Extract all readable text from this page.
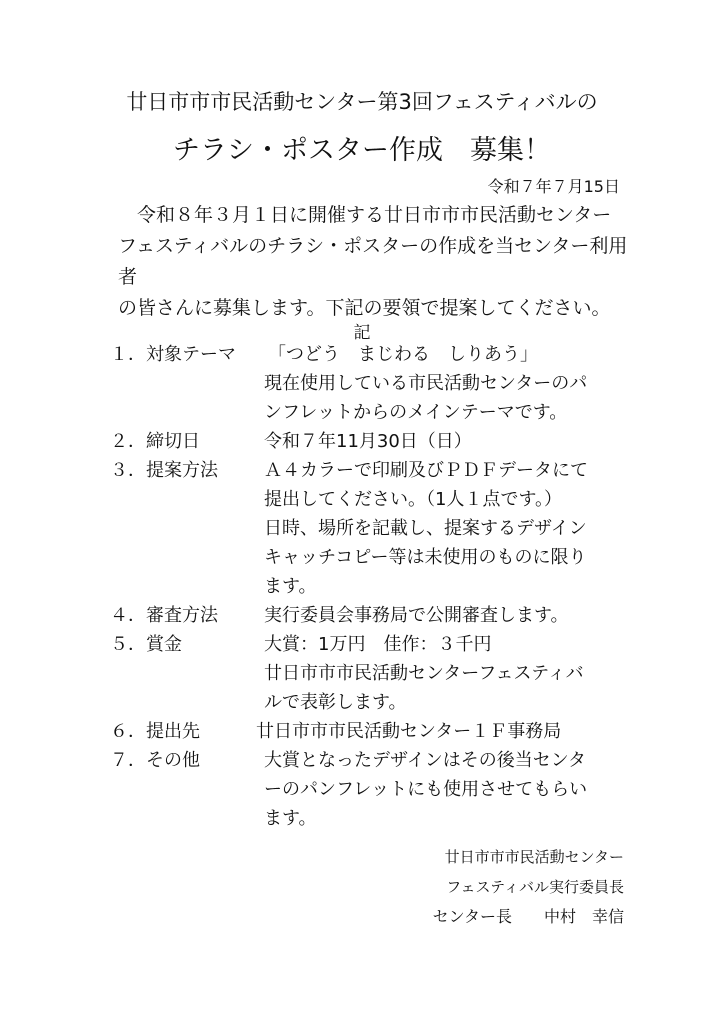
廿日市市市民活動センター第3回フェスティバルの
チラシ・ポスター作成　募集！
令和７年７月15日

　令和８年３月１日に開催する廿日市市市民活動センター

フェスティバルのチラシ・ポスターの作成を当センター利用者

の皆さんに募集します。下記の要領で提案してください。

記
１． 対象テーマ 「つどう　まじわる　しりあう」
現在使用している市民活動センターのパ
ンフレットからのメインテーマです。
２． 締切日	令和７年11月30日（日）
３． 提案方法	Ａ４カラーで印刷及びＰＤＦデータにて
提出してください。（1人１点です。）
日時、場所を記載し、提案するデザイン
キャッチコピー等は未使用のものに限り
ます。
４． 審査方法	実行委員会事務局で公開審査します。
５． 賞金	大賞：1万円　佳作：３千円
廿日市市市民活動センターフェスティバ
ルで表彰します。
６． 提出先	廿日市市市民活動センター１Ｆ事務局
７． その他	大賞となったデザインはその後当センタ
ーのパンフレットにも使用させてもらい
ます。
廿日市市市民活動センター
フェスティバル実行委員長
センター長　　中村　幸信
